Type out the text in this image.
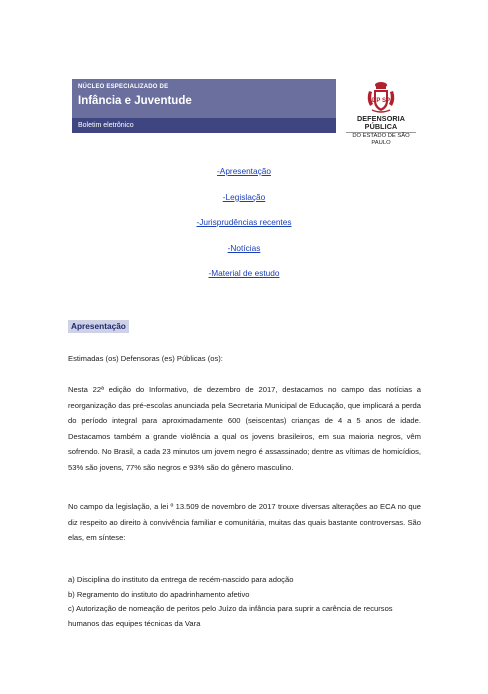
NÚCLEO ESPECIALIZADO DE
Infância e Juventude
Boletim eletrônico
DP SP
DEFENSORIA PÚBLICA
DO ESTADO DE SÃO PAULO
-Apresentação
-Legislação
-Jurisprudências recentes
-Notícias
-Material de estudo
Apresentação
Estimadas (os) Defensoras (es) Públicas (os):
Nesta 22ª edição do Informativo, de dezembro de 2017, destacamos no campo das notícias a reorganização das pré-escolas anunciada pela Secretaria Municipal de Educação, que implicará a perda do período integral para aproximadamente 600 (seiscentas) crianças de 4 a 5 anos de idade. Destacamos também a grande violência a qual os jovens brasileiros, em sua maioria negros, vêm sofrendo. No Brasil, a cada 23 minutos um jovem negro é assassinado; dentre as vítimas de homicídios, 53% são jovens, 77% são negros e 93% são do gênero masculino.
No campo da legislação, a lei º 13.509 de novembro de 2017 trouxe diversas alterações ao ECA no que diz respeito ao direito à convivência familiar e comunitária, muitas das quais bastante controversas. São elas, em síntese:
a) Disciplina do instituto da entrega de recém-nascido para adoção
b) Regramento do instituto do apadrinhamento afetivo
c) Autorização de nomeação de peritos pelo Juízo da infância para suprir a carência de recursos humanos das equipes técnicas da Vara
